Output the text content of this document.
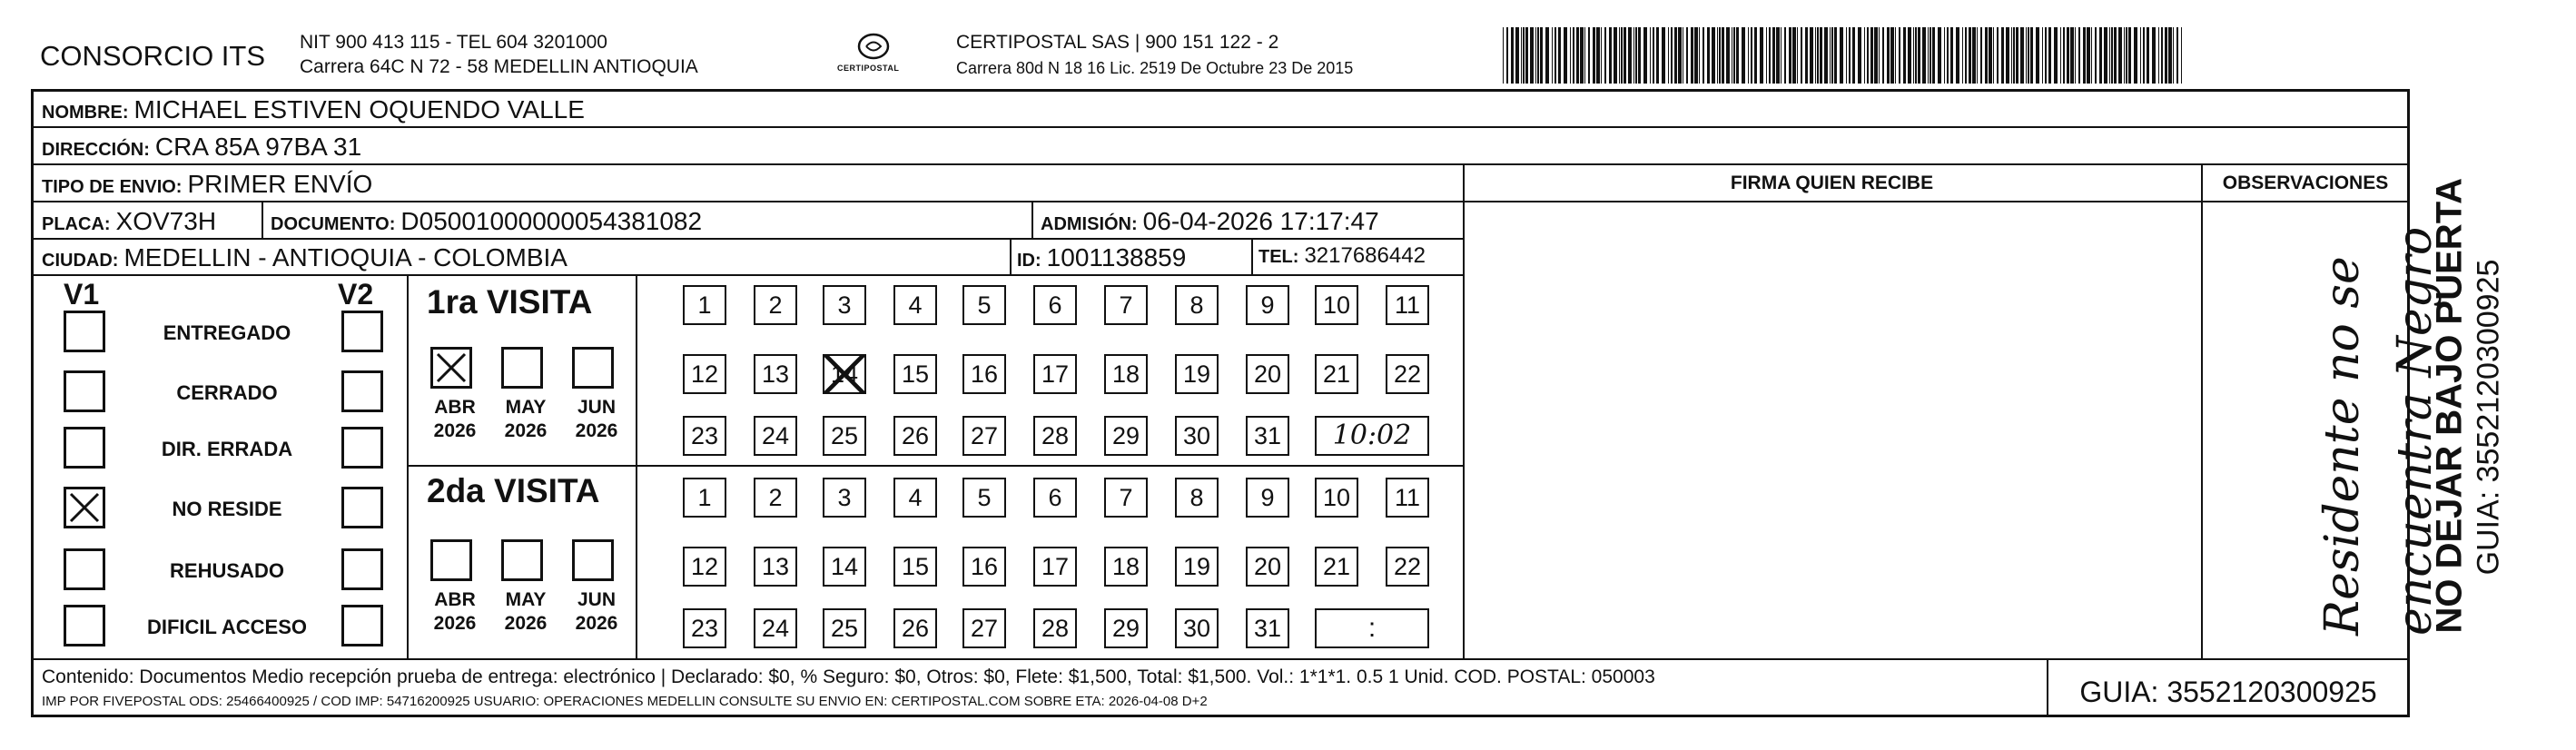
CONSORCIO ITS NIT 900 413 115 - TEL 604 3201000
Carrera 64C N 72 - 58 MEDELLIN ANTIOQUIA	CERTIPOSTAL
CERTIPOSTAL SAS | 900 151 122 - 2
Carrera 80d N 18 16 Lic. 2519 De Octubre 23 De 2015
NOMBRE: MICHAEL ESTIVEN OQUENDO VALLE
DIRECCIÓN: CRA 85A 97BA 31
TIPO DE ENVIO: PRIMER ENVÍO	FIRMA QUIEN RECIBE	OBSERVACIONES
PLACA: XOV73H	DOCUMENTO: D05001000000054381082	ADMISIÓN: 06-04-2026 17:17:47
CIUDAD: MEDELLIN - ANTIOQUIA - COLOMBIA	ID: 1001138859	TEL: 3217686442
V1	V2
ENTREGADO
CERRADO
DIR. ERRADA
NO RESIDE
REHUSADO
DIFICIL ACCESO
1ra VISITA
2da VISITA
ABR
2026
MAY
2026
JUN
2026
1	2	3	4	5	6	7	8	9	10	11
12	13	14	15	16	17	18	19	20	21	22
23	24	25	26	27	28	29	30	31	10:02
ABR
2026
MAY
2026
JUN
2026
1	2	3	4	5	6	7	8	9	10	11
12	13	14	15	16	17	18	19	20	21	22
23	24	25	26	27	28	29	30	31	:	Residente no se encuentra Negro
NO DEJAR BAJO PUERTA GUIA: 3552120300925
Contenido: Documentos Medio recepción prueba de entrega: electrónico | Declarado: $0, % Seguro: $0, Otros: $0, Flete: $1,500, Total: $1,500. Vol.: 1*1*1. 0.5 1 Unid. COD. POSTAL: 050003
IMP POR FIVEPOSTAL ODS: 25466400925 / COD IMP: 54716200925 USUARIO: OPERACIONES MEDELLIN CONSULTE SU ENVIO EN: CERTIPOSTAL.COM SOBRE ETA: 2026-04-08 D+2	GUIA: 3552120300925
